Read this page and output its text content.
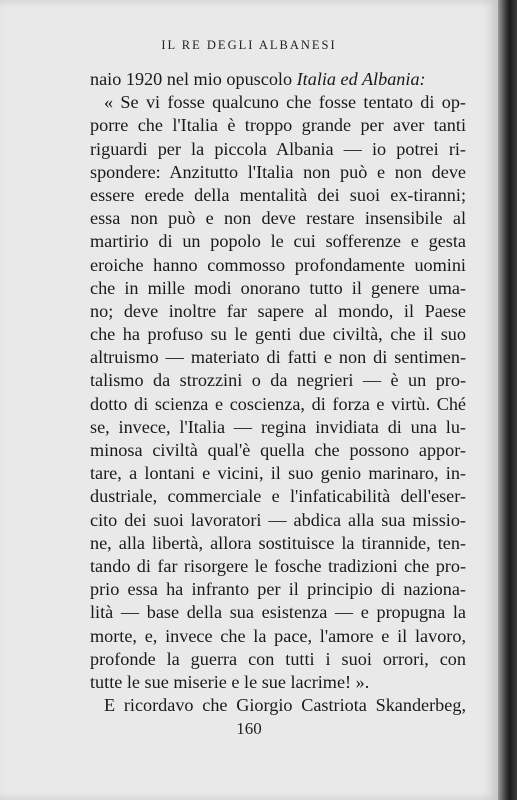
IL RE DEGLI ALBANESI
naio 1920 nel mio opuscolo Italia ed Albania:
« Se vi fosse qualcuno che fosse tentato di op-
porre che l'Italia è troppo grande per aver tanti
riguardi per la piccola Albania — io potrei ri-
spondere: Anzitutto l'Italia non può e non deve
essere erede della mentalità dei suoi ex-tiranni;
essa non può e non deve restare insensibile al
martirio di un popolo le cui sofferenze e gesta
eroiche hanno commosso profondamente uomini
che in mille modi onorano tutto il genere uma-
no; deve inoltre far sapere al mondo, il Paese
che ha profuso su le genti due civiltà, che il suo
altruismo — materiato di fatti e non di sentimen-
talismo da strozzini o da negrieri — è un pro-
dotto di scienza e coscienza, di forza e virtù. Ché
se, invece, l'Italia — regina invidiata di una lu-
minosa civiltà qual'è quella che possono appor-
tare, a lontani e vicini, il suo genio marinaro, in-
dustriale, commerciale e l'infaticabilità dell'eser-
cito dei suoi lavoratori — abdica alla sua missio-
ne, alla libertà, allora sostituisce la tirannide, ten-
tando di far risorgere le fosche tradizioni che pro-
prio essa ha infranto per il principio di naziona-
lità — base della sua esistenza — e propugna la
morte, e, invece che la pace, l'amore e il lavoro,
profonde la guerra con tutti i suoi orrori, con
tutte le sue miserie e le sue lacrime! ».
E ricordavo che Giorgio Castriota Skanderbeg,
160
